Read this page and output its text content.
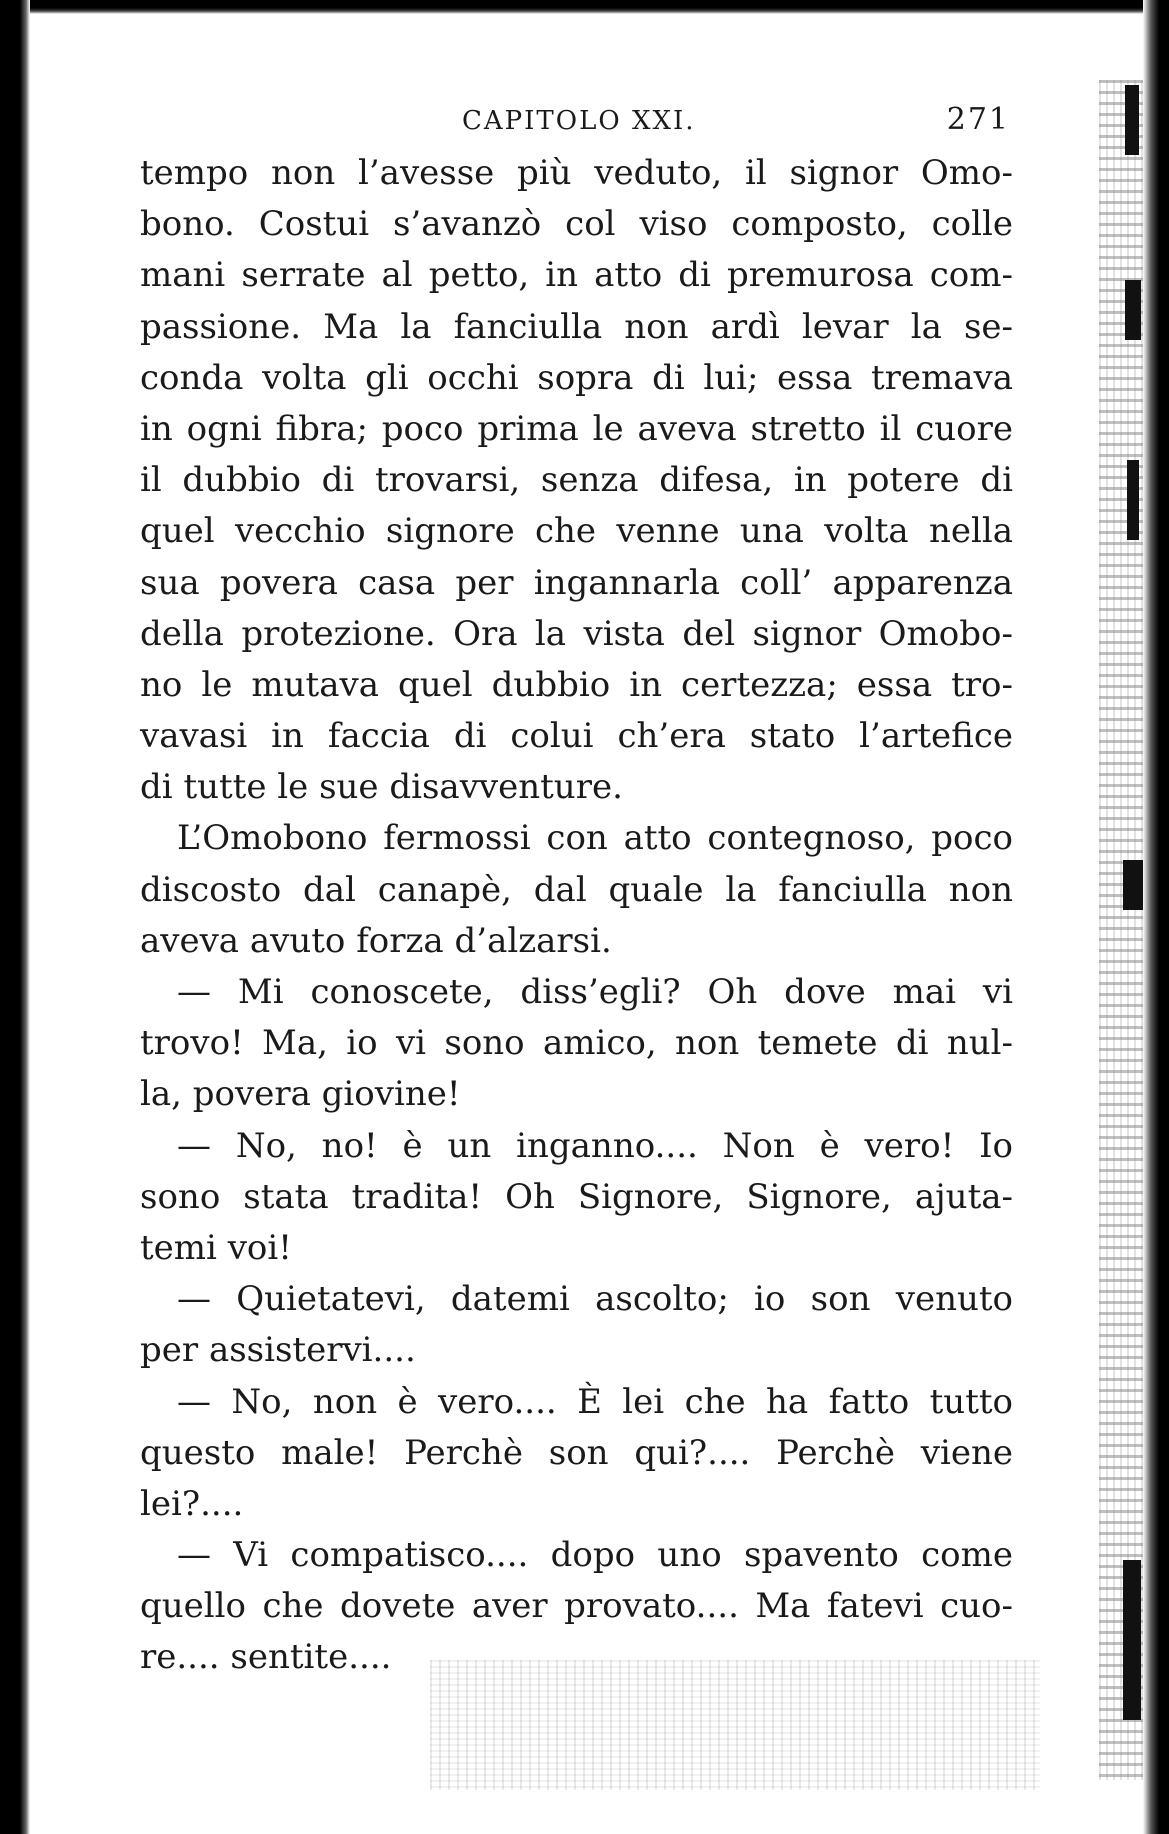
CAPITOLO XXI.	271
tempo non l’avesse più veduto, il signor Omo-
bono. Costui s’avanzò col viso composto, colle
mani serrate al petto, in atto di premurosa com-
passione. Ma la fanciulla non ardì levar la se-
conda volta gli occhi sopra di lui; essa tremava
in ogni fibra; poco prima le aveva stretto il cuore
il dubbio di trovarsi, senza difesa, in potere di
quel vecchio signore che venne una volta nella
sua povera casa per ingannarla coll’ apparenza
della protezione. Ora la vista del signor Omobo-
no le mutava quel dubbio in certezza; essa tro-
vavasi in faccia di colui ch’era stato l’artefice
di tutte le sue disavventure.
L’Omobono fermossi con atto contegnoso, poco
discosto dal canapè, dal quale la fanciulla non
aveva avuto forza d’alzarsi.
— Mi conoscete, diss’egli? Oh dove mai vi
trovo! Ma, io vi sono amico, non temete di nul-
la, povera giovine!
— No, no! è un inganno.... Non è vero! Io
sono stata tradita! Oh Signore, Signore, ajuta-
temi voi!
— Quietatevi, datemi ascolto; io son venuto
per assistervi....
— No, non è vero.... È lei che ha fatto tutto
questo male! Perchè son qui?.... Perchè viene
lei?....
— Vi compatisco.... dopo uno spavento come
quello che dovete aver provato.... Ma fatevi cuo-
re.... sentite....
